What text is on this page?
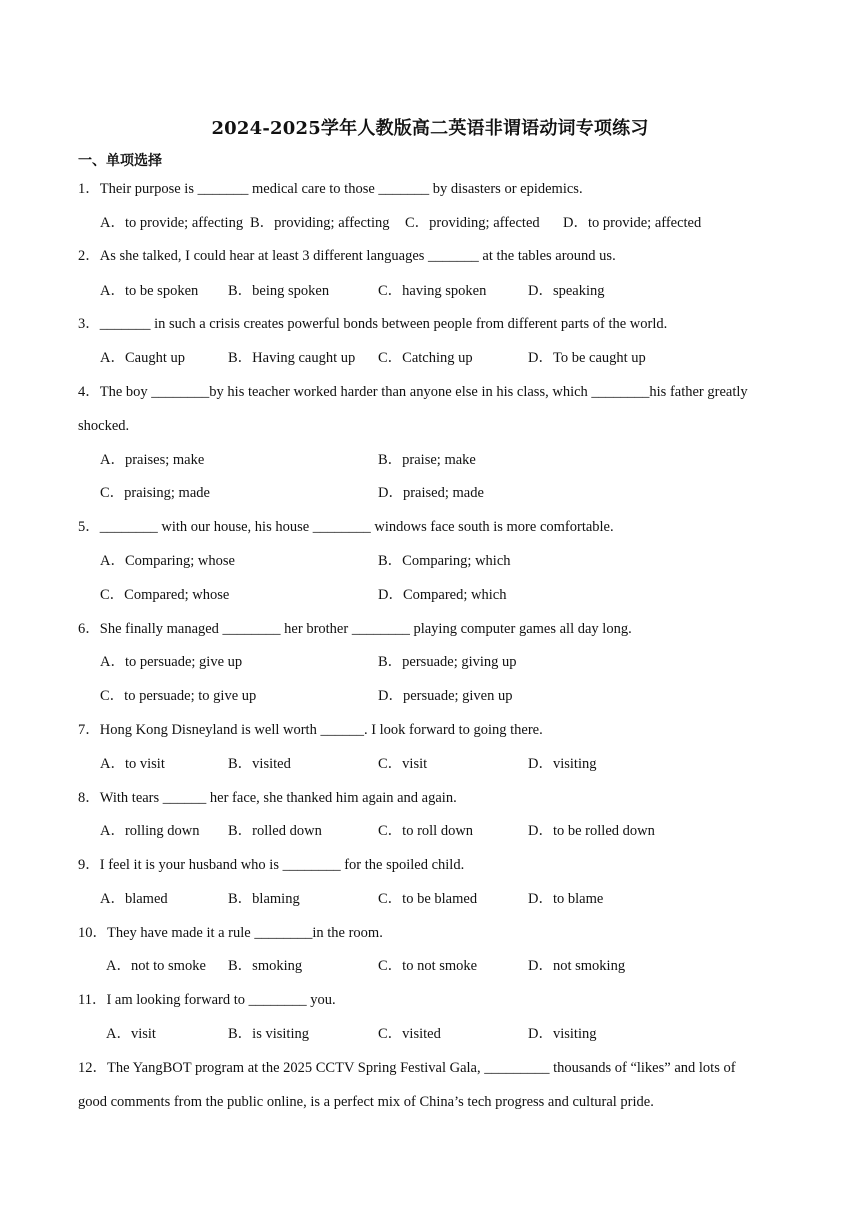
2024-2025学年人教版高二英语非谓语动词专项练习
一、单项选择
1．Their purpose is _______ medical care to those _______ by disasters or epidemics.
A．to provide; affecting B．providing; affecting C．providing; affected D．to provide; affected
2．As she talked, I could hear at least 3 different languages _______ at the tables around us.
A．to be spoken B．being spoken	C．having spoken	D．speaking
3．_______ in such a crisis creates powerful bonds between people from different parts of the world.
A．Caught up	B．Having caught up C．Catching up	D．To be caught up
4．The boy ________by his teacher worked harder than anyone else in his class, which ________his father greatly
shocked.
A．praises; make	B．praise; make
C．praising; made	D．praised; made
5．________ with our house, his house ________ windows face south is more comfortable.
A．Comparing; whose	B．Comparing; which
C．Compared; whose	D．Compared; which
6．She finally managed ________ her brother ________ playing computer games all day long.
A．to persuade; give up	B．persuade; giving up
C．to persuade; to give up	D．persuade; given up
7．Hong Kong Disneyland is well worth ______. I look forward to going there.
A．to visit	B．visited	C．visit	D．visiting
8．With tears ______ her face, she thanked him again and again.
A．rolling down B．rolled down	C．to roll down	D．to be rolled down
9．I feel it is your husband who is ________ for the spoiled child.
A．blamed	B．blaming	C．to be blamed	D．to blame
10．They have made it a rule ________in the room.
A．not to smoke B．smoking	C．to not smoke	D．not smoking
11．I am looking forward to ________ you.
A．visit	B．is visiting	C．visited	D．visiting
12．The YangBOT program at the 2025 CCTV Spring Festival Gala, _________ thousands of “likes” and lots of
good comments from the public online, is a perfect mix of China’s tech progress and cultural pride.
